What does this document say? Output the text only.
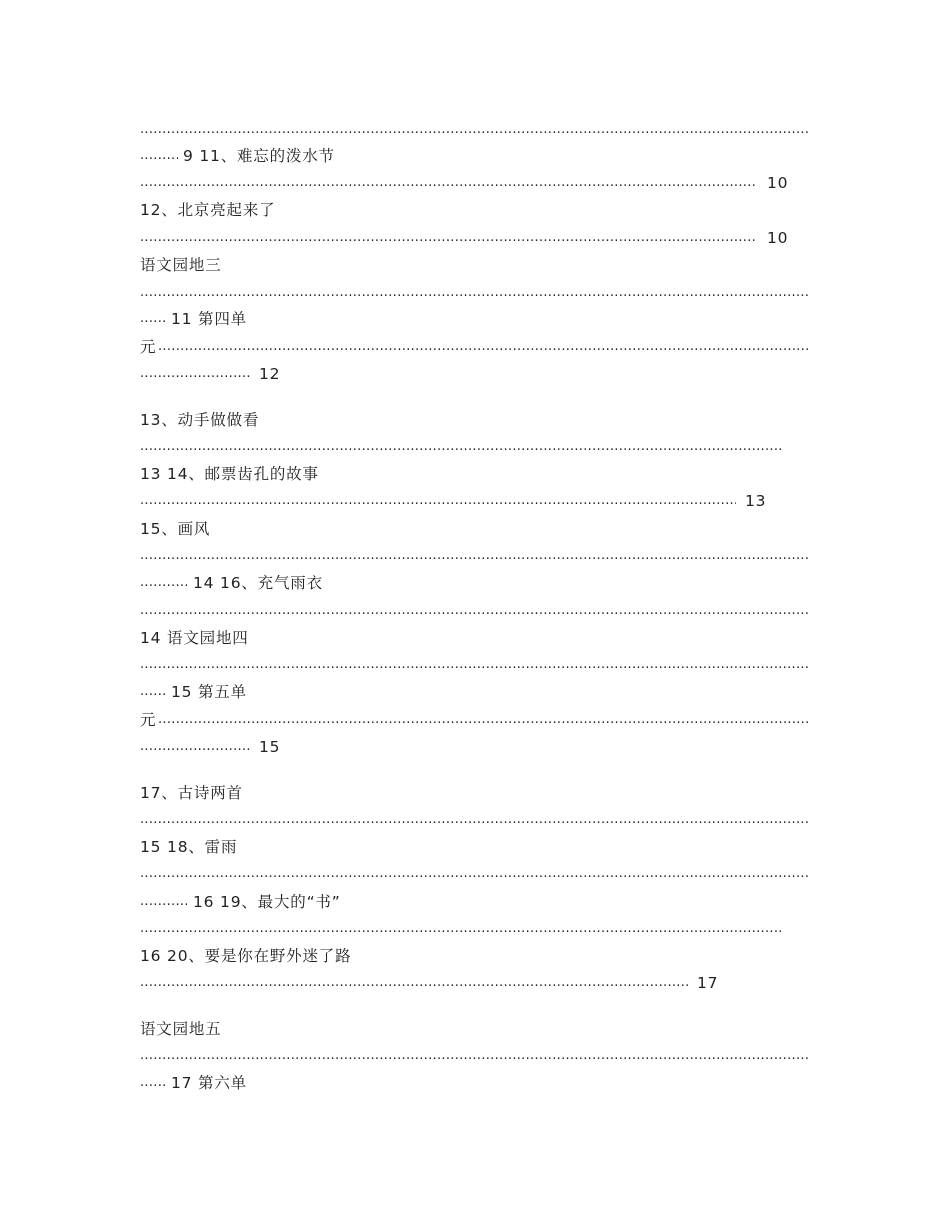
.....
.....
9 11、难忘的泼水节
.....
10
12、北京亮起来了
.....
10
语文园地三
.....
.....
11 第四单
元
.....
.....
12
13、动手做做看
.....
13 14、邮票齿孔的故事
.....
13
15、画风
.....
.....
14 16、充气雨衣
.....
14 语文园地四
.....
.....
15 第五单
元
.....
.....
15
17、古诗两首
.....
15 18、雷雨
.....
.....
16 19、最大的“书”
.....
16 20、要是你在野外迷了路
.....
17
语文园地五
.....
.....
17 第六单
